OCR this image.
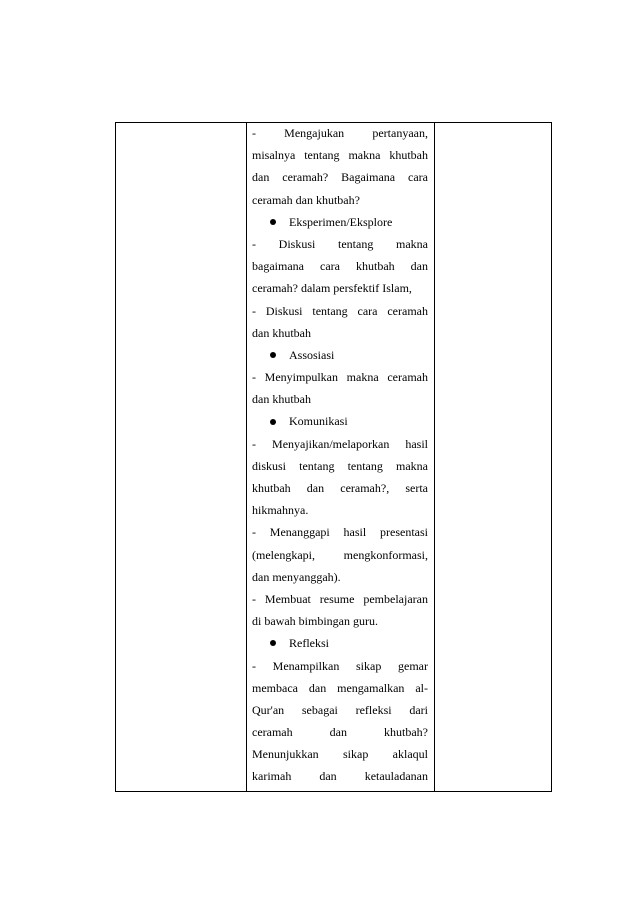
- Mengajukan pertanyaan,
misalnya tentang makna khutbah
dan ceramah? Bagaimana cara
ceramah dan khutbah?
Eksperimen/Eksplore
- Diskusi tentang makna
bagaimana cara khutbah dan
ceramah? dalam persfektif Islam,
- Diskusi tentang cara ceramah
dan khutbah
Assosiasi
- Menyimpulkan makna ceramah
dan khutbah
Komunikasi
- Menyajikan/melaporkan hasil
diskusi tentang tentang makna
khutbah dan ceramah?, serta
hikmahnya.
- Menanggapi hasil presentasi
(melengkapi, mengkonformasi,
dan menyanggah).
- Membuat resume pembelajaran
di bawah bimbingan guru.
Refleksi
- Menampilkan sikap gemar
membaca dan mengamalkan al-
Qur'an sebagai refleksi dari
ceramah dan khutbah?
Menunjukkan sikap aklaqul
karimah dan ketauladanan
